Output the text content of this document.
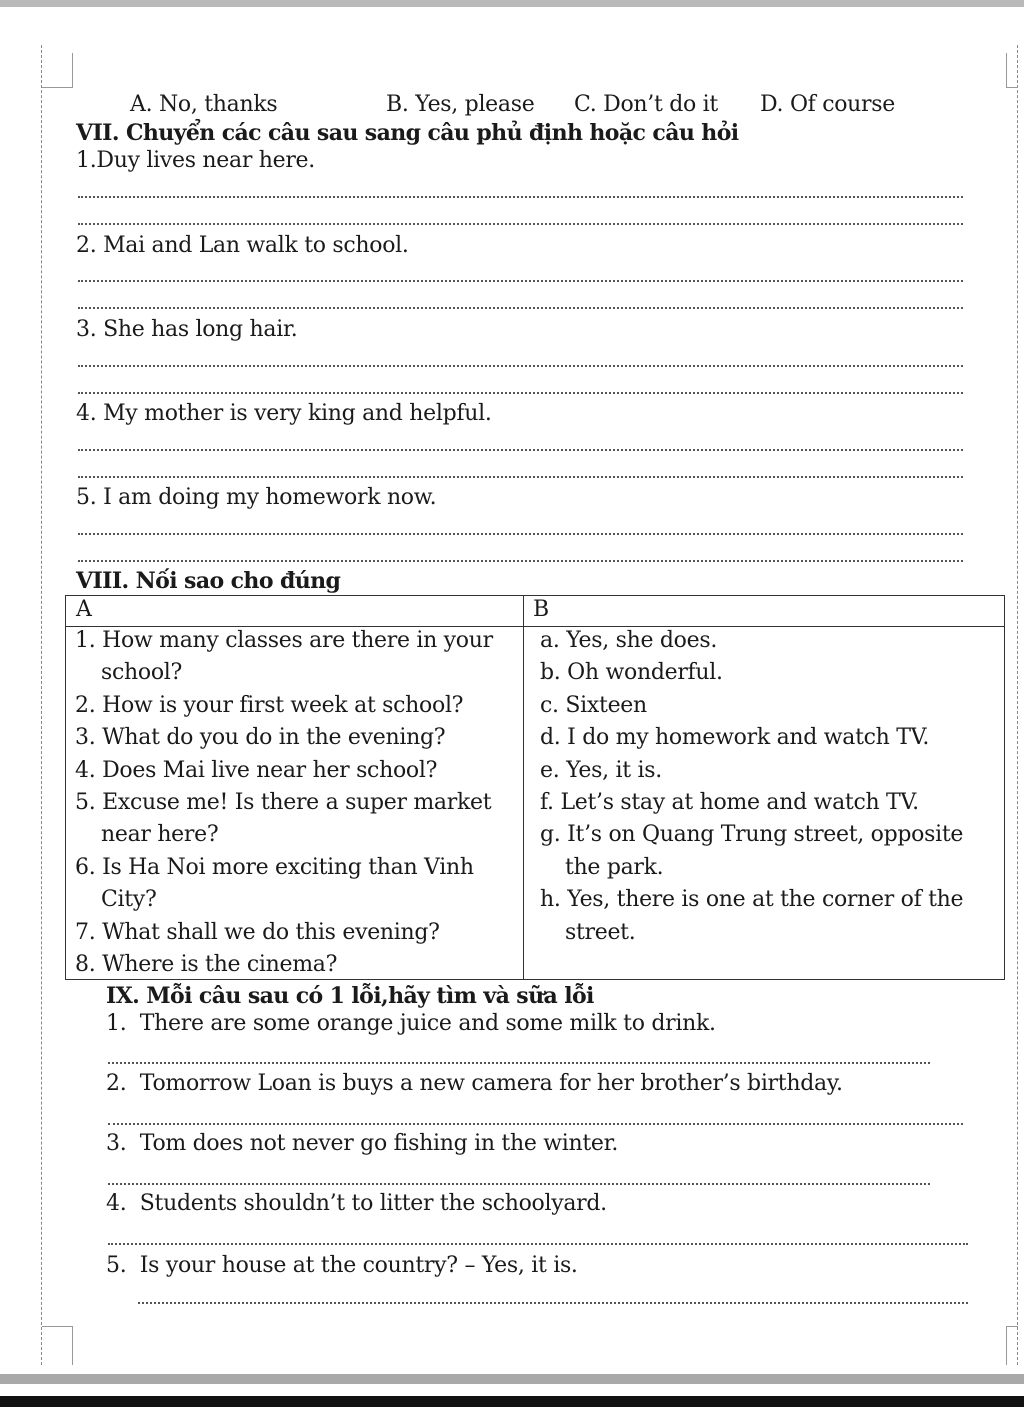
A. No, thanks	B. Yes, please C. Don’t do it D. Of course
VII. Chuyển các câu sau sang câu phủ định hoặc câu hỏi
1.Duy lives near here.
2. Mai and Lan walk to school.
3. She has long hair.
4. My mother is very king and helpful.
5. I am doing my homework now.
VIII. Nối sao cho đúng
A	B
1. How many classes are there in your
school?
2. How is your first week at school?
3. What do you do in the evening?
4. Does Mai live near her school?
5. Excuse me! Is there a super market
near here?
6. Is Ha Noi more exciting than Vinh
City?
7. What shall we do this evening?
8. Where is the cinema?
a. Yes, she does.
b. Oh wonderful.
c. Sixteen
d. I do my homework and watch TV.
e. Yes, it is.
f. Let’s stay at home and watch TV.
g. It’s on Quang Trung street, opposite
the park.
h. Yes, there is one at the corner of the
street.
IX. Mỗi câu sau có 1 lỗi,hãy tìm và sữa lỗi
1.  There are some orange juice and some milk to drink.
2.  Tomorrow Loan is buys a new camera for her brother’s birthday.
3.  Tom does not never go fishing in the winter.
4.  Students shouldn’t to litter the schoolyard.
5.  Is your house at the country? – Yes, it is.
